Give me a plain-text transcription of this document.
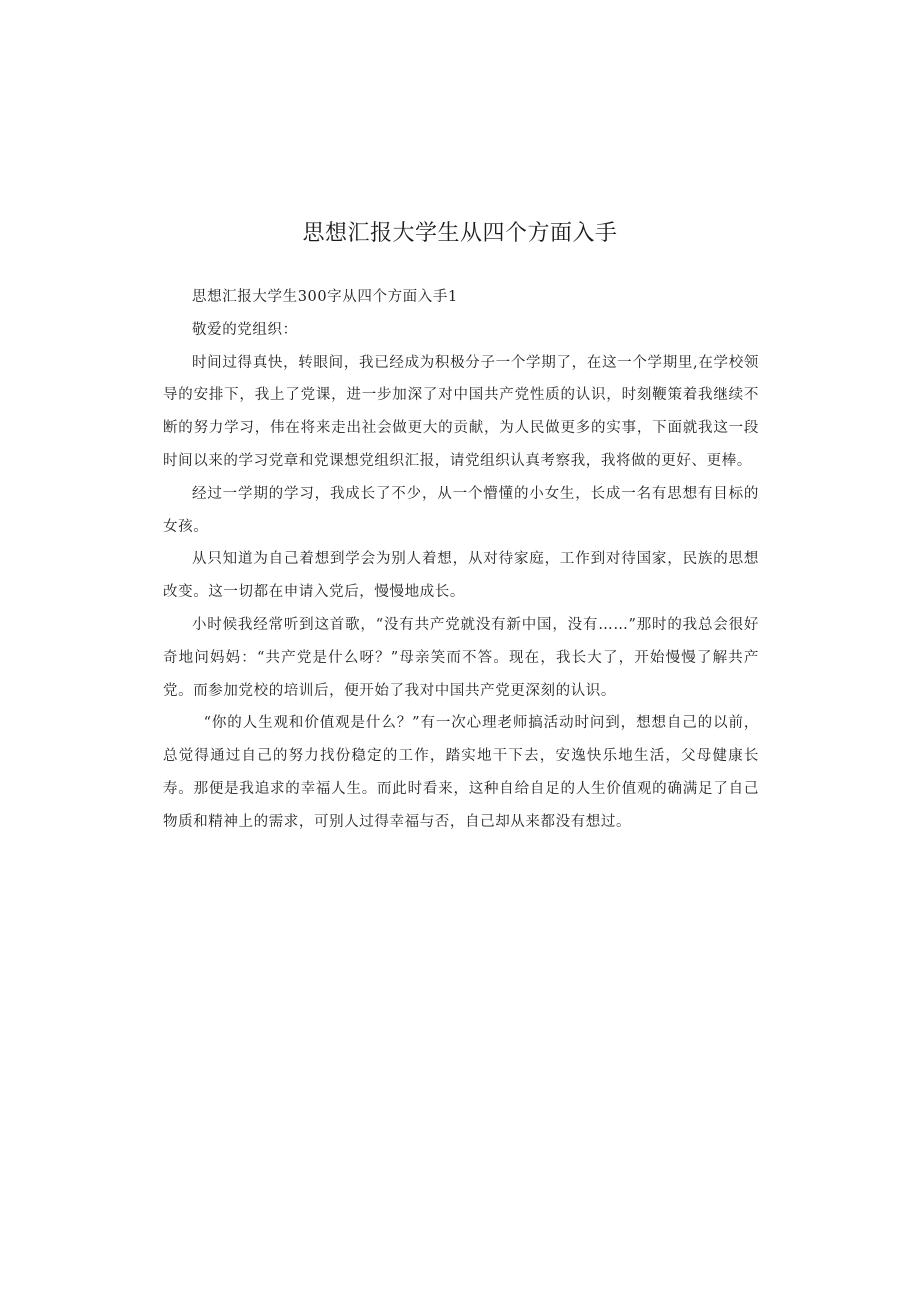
思想汇报大学生从四个方面入手

思想汇报大学生300字从四个方面入手1

敬爱的党组织：

时间过得真快，转眼间，我已经成为积极分子一个学期了，在这一个学期里,在学校领导的安排下，我上了党课，进一步加深了对中国共产党性质的认识，时刻鞭策着我继续不断的努力学习，伟在将来走出社会做更大的贡献，为人民做更多的实事，下面就我这一段时间以来的学习党章和党课想党组织汇报，请党组织认真考察我，我将做的更好、更棒。

经过一学期的学习，我成长了不少，从一个懵懂的小女生，长成一名有思想有目标的女孩。

从只知道为自己着想到学会为别人着想，从对待家庭，工作到对待国家，民族的思想改变。这一切都在申请入党后，慢慢地成长。

小时候我经常听到这首歌，“没有共产党就没有新中国，没有……”那时的我总会很好奇地问妈妈：“共产党是什么呀？”母亲笑而不答。现在，我长大了，开始慢慢了解共产党。而参加党校的培训后，便开始了我对中国共产党更深刻的认识。

“你的人生观和价值观是什么？”有一次心理老师搞活动时问到，想想自己的以前，总觉得通过自己的努力找份稳定的工作，踏实地干下去，安逸快乐地生活，父母健康长寿。那便是我追求的幸福人生。而此时看来，这种自给自足的人生价值观的确满足了自己物质和精神上的需求，可别人过得幸福与否，自己却从来都没有想过。
